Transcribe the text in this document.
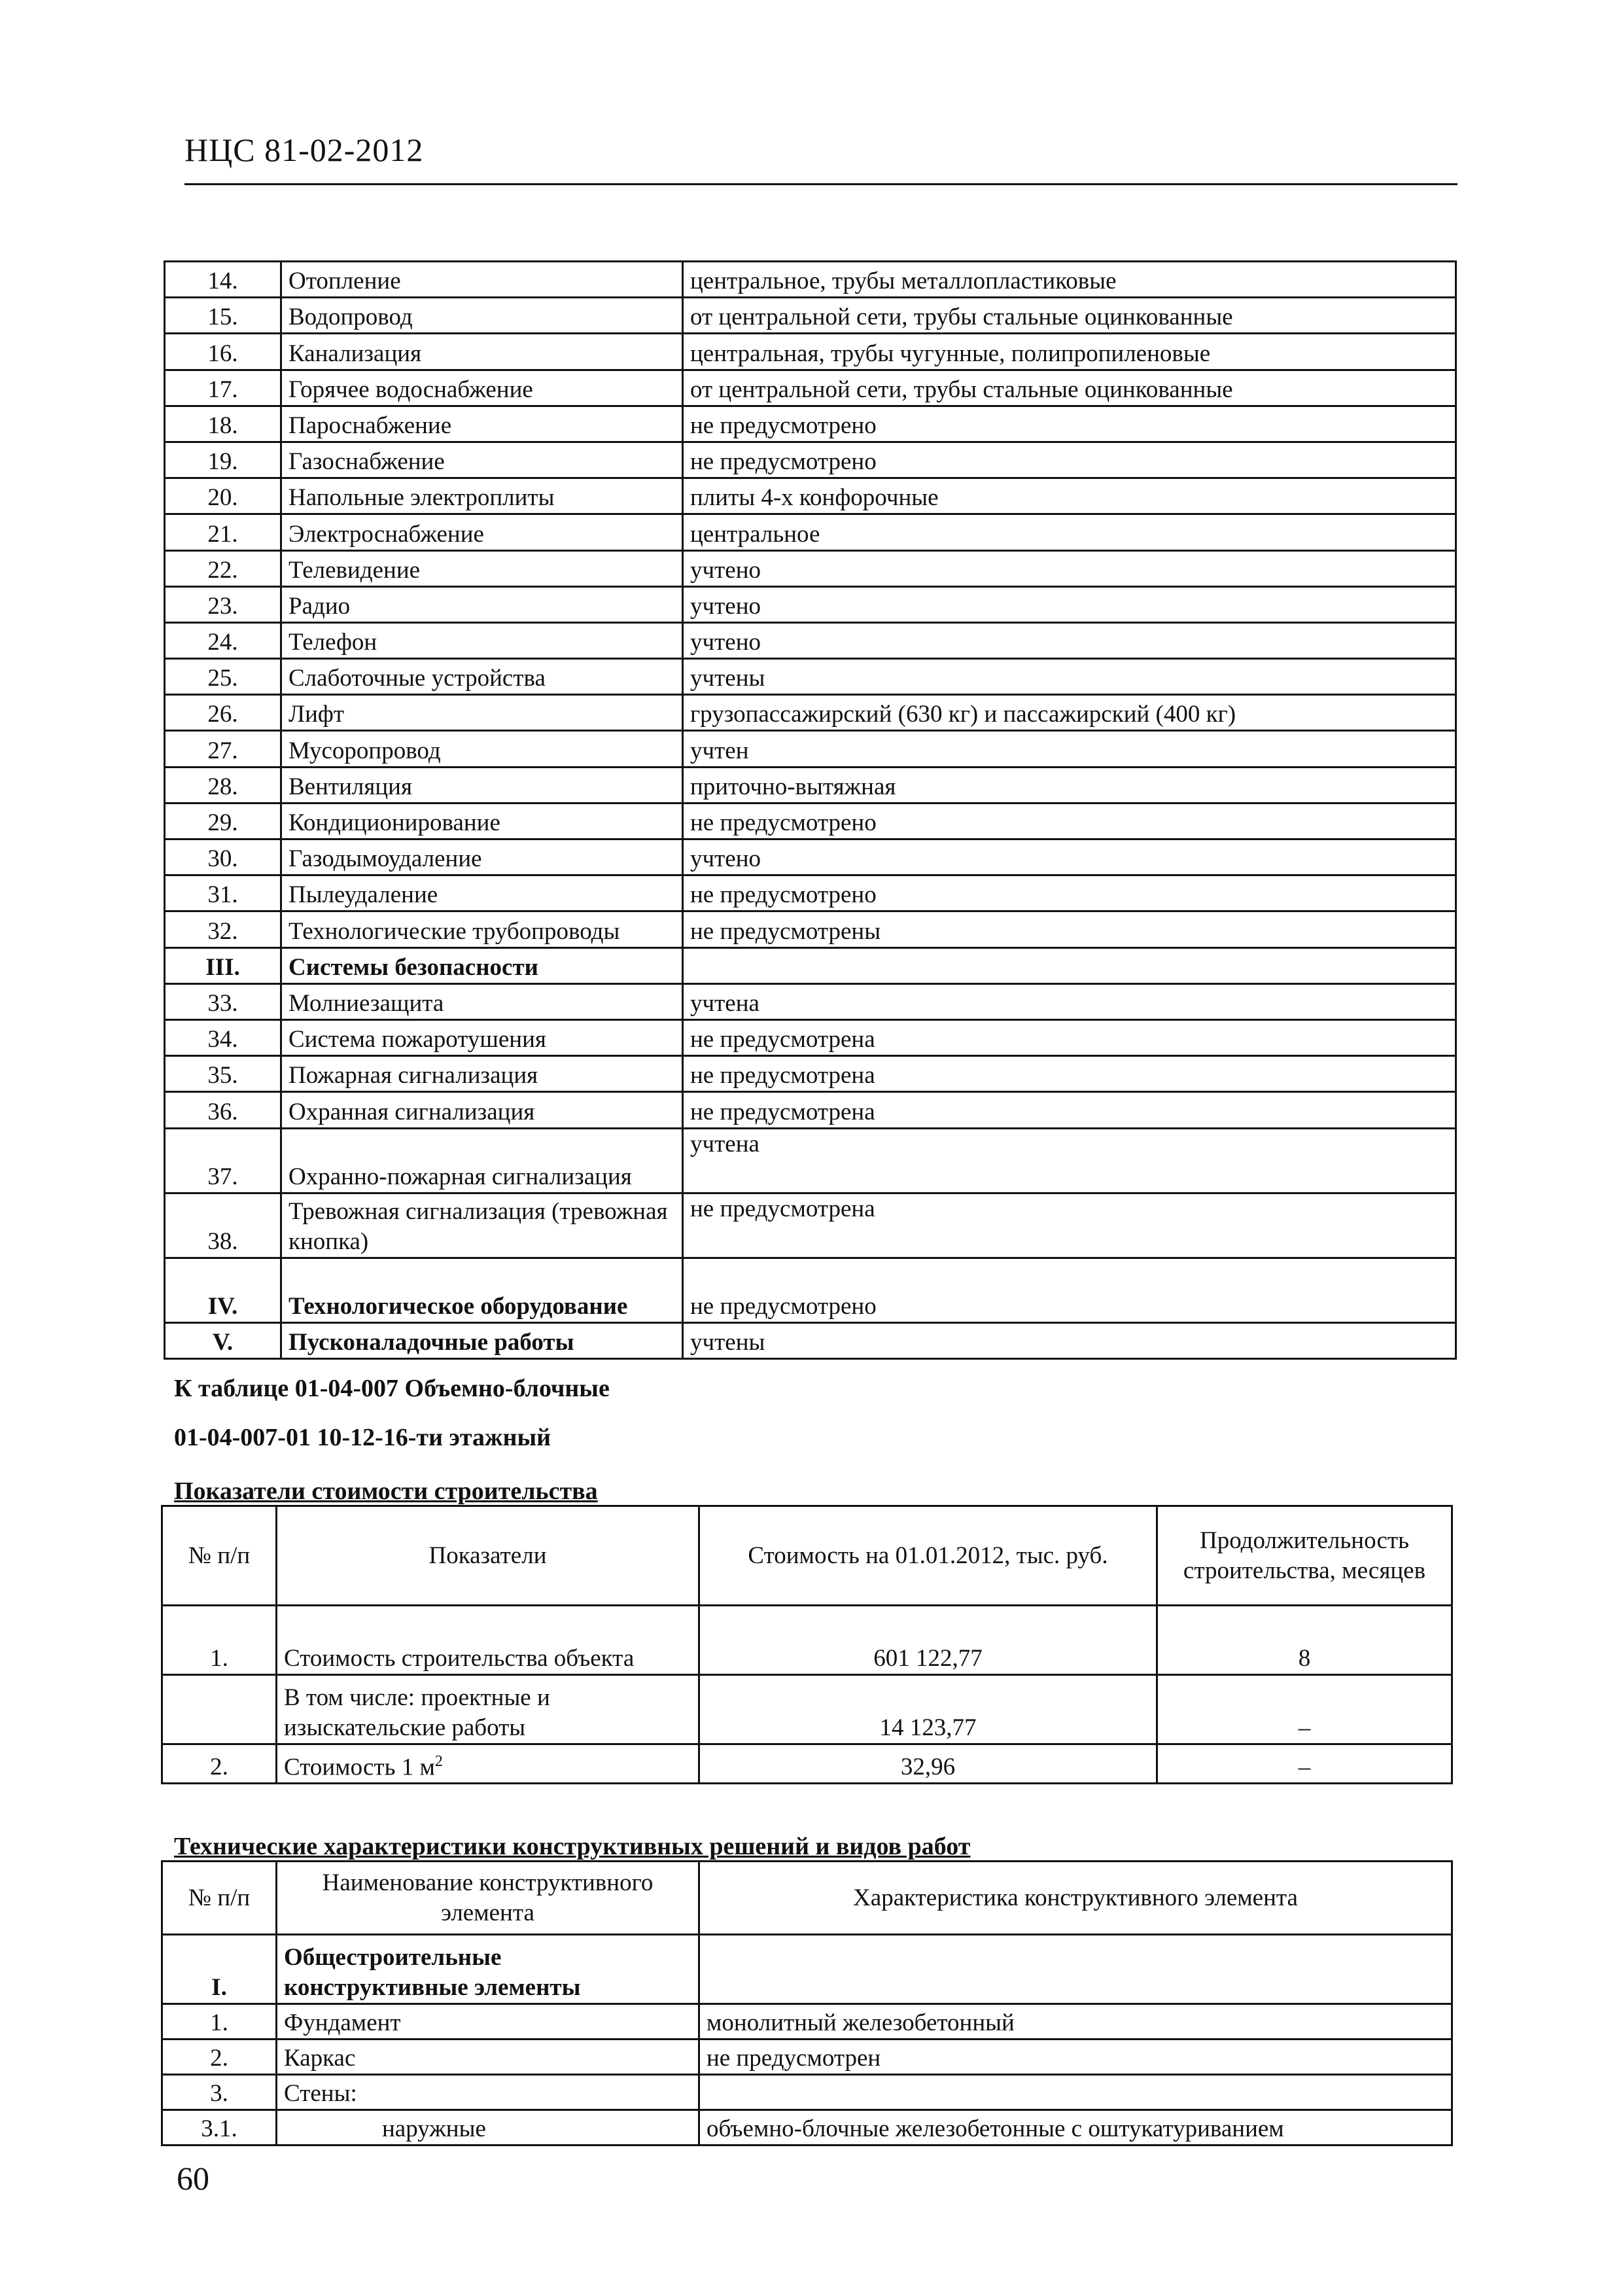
НЦС 81-02-2012
14.	Отопление	центральное, трубы металлопластиковые
15.	Водопровод	от центральной сети, трубы стальные оцинкованные
16.	Канализация	центральная, трубы чугунные, полипропиленовые
17.	Горячее водоснабжение	от центральной сети, трубы стальные оцинкованные
18.	Пароснабжение	не предусмотрено
19.	Газоснабжение	не предусмотрено
20.	Напольные электроплиты	плиты 4-х конфорочные
21.	Электроснабжение	центральное
22.	Телевидение	учтено
23.	Радио	учтено
24.	Телефон	учтено
25.	Слаботочные устройства	учтены
26.	Лифт	грузопассажирский (630 кг) и пассажирский (400 кг)
27.	Мусоропровод	учтен
28.	Вентиляция	приточно-вытяжная
29.	Кондиционирование	не предусмотрено
30.	Газодымоудаление	учтено
31.	Пылеудаление	не предусмотрено
32.	Технологические трубопроводы	не предусмотрены
III.	Системы безопасности	
33.	Молниезащита	учтена
34.	Система пожаротушения	не предусмотрена
35.	Пожарная сигнализация	не предусмотрена
36.	Охранная сигнализация	не предусмотрена
37.	Охранно-пожарная сигнализация	учтена
38.	Тревожная сигнализация (тревожная кнопка)	не предусмотрена
IV.	Технологическое оборудование	не предусмотрено
V.	Пусконаладочные работы	учтены
К таблице 01-04-007 Объемно-блочные
01-04-007-01 10-12-16-ти этажный
Показатели стоимости строительства
№ п/п	Показатели	Стоимость на 01.01.2012, тыс. руб.	Продолжительность строительства, месяцев
1.	Стоимость строительства объекта	601 122,77	8
	В том числе: проектные и изыскательские работы	14 123,77	–
2.	Стоимость 1 $м^2$	32,96	–
Технические характеристики конструктивных решений и видов работ
№ п/п	Наименование конструктивного элемента	Характеристика конструктивного элемента
I.	Общестроительные конструктивные элементы	
1.	Фундамент	монолитный железобетонный
2.	Каркас	не предусмотрен
3.	Стены:	
3.1.	наружные	объемно-блочные железобетонные с оштукатуриванием
60
